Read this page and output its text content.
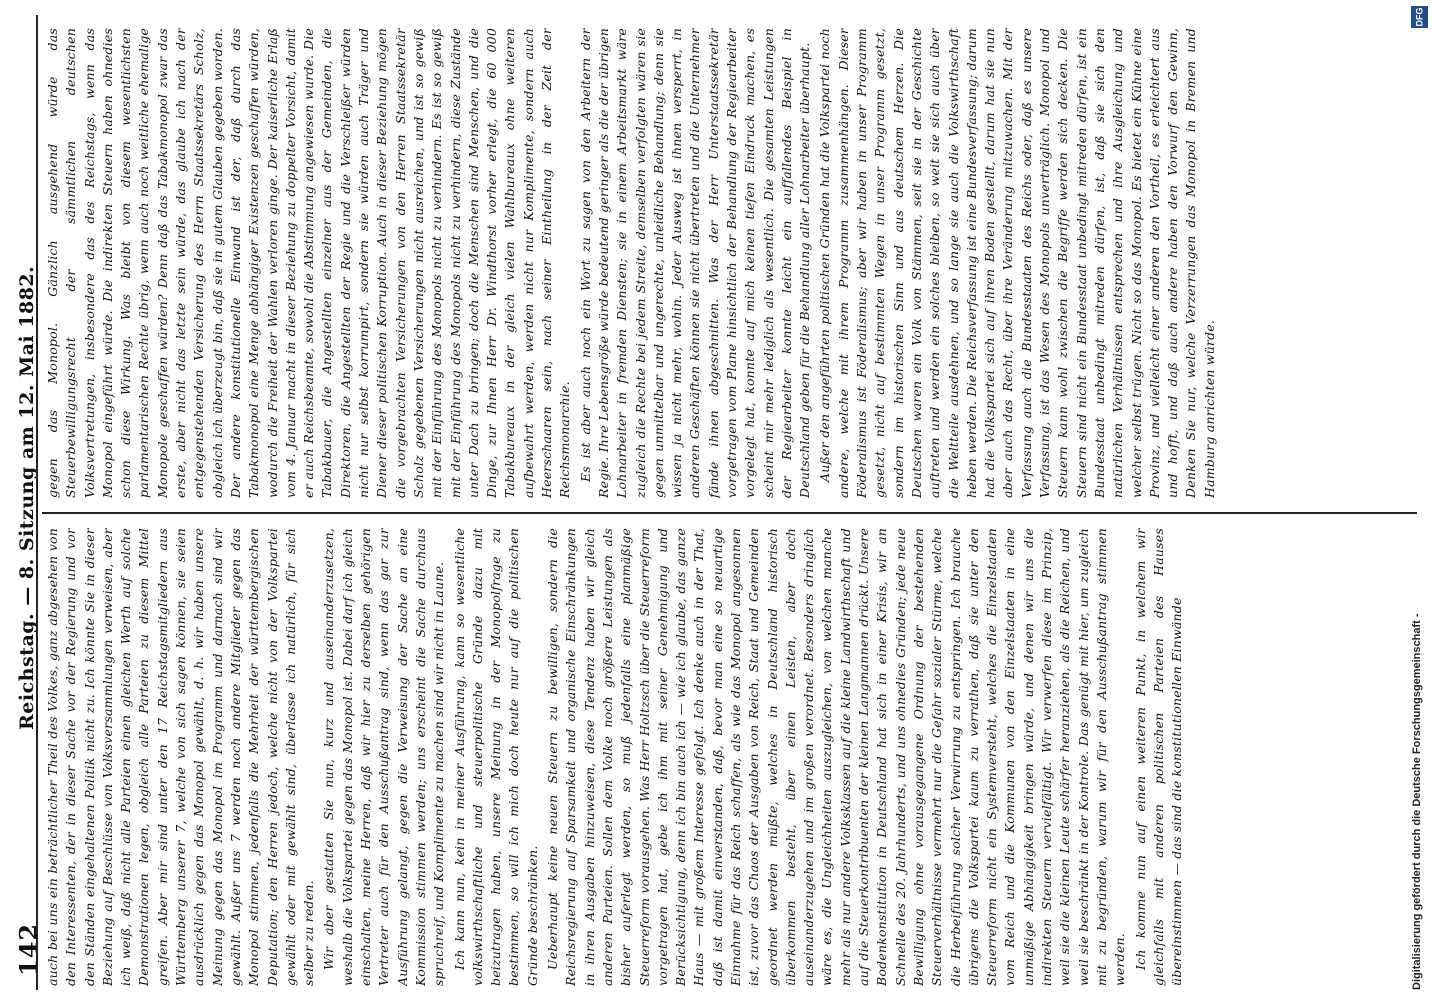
142
Reichstag. — 8. Sitzung am 12. Mai 1882.

auch bei uns ein beträchtlicher Theil des Volkes, ganz abgesehen von den Interessenten, der in dieser Sache vor der Regierung und vor den Ständen eingehaltenen Politik nicht zu. Ich könnte Sie in dieser Beziehung auf Beschlüsse von Volksversammlungen verweisen, aber ich weiß, daß nicht alle Parteien einen gleichen Werth auf solche Demonstrationen legen, obgleich alle Parteien zu diesem Mittel greifen. Aber mir sind unter den 17 Reichstagsmitgliedern aus Württemberg unserer 7, welche von sich sagen können, sie seien ausdrücklich gegen das Monopol gewählt, d. h. wir haben unsere Meinung gegen das Monopol im Programm und darnach sind wir gewählt. Außer uns 7 werden noch andere Mitglieder gegen das Monopol stimmen, jedenfalls die Mehrheit der württembergischen Deputation; den Herren jedoch, welche nicht von der Volkspartei gewählt oder mit gewählt sind, überlasse ich natürlich, für sich selber zu reden. Wir aber gestatten Sie nun, kurz und auseinanderzusetzen, weshalb die Volkspartei gegen das Monopol ist. Dabei darf ich gleich einschalten, meine Herren, daß wir hier zu derselben gehörigen Vertreter auch für den Ausschußantrag sind, wenn das gar zur Ausführung gelangt, gegen die Verweisung der Sache an eine Kommission stimmen werden; uns erscheint die Sache durchaus spruchreif, und Komplimente zu machen sind wir nicht in Laune. Ich kann nun, kein in meiner Ausführung, kann so wesentliche volkswirthschaftliche und steuerpolitische Gründe dazu mit beizutragen haben, unsere Meinung in der Monopolfrage zu bestimmen, so will ich mich doch heute nur auf die politischen Gründe beschränken. Ueberhaupt keine neuen Steuern zu bewilligen, sondern die Reichsregierung auf Sparsamkeit und organische Einschränkungen in ihren Ausgaben hinzuweisen, diese Tendenz haben wir gleich anderen Parteien. Sollen dem Volke noch größere Leistungen als bisher auferlegt werden, so muß jedenfalls eine planmäßige Steuerreform vorausgehen. Was Herr Holtzsch über die Steuerreform vorgetragen hat, gebe ich ihm mit seiner Genehmigung und Berücksichtigung, denn ich bin auch ich — wie ich glaube, das ganze Haus — mit großem Interesse gefolgt. Ich denke auch in der That, daß ist damit einverstanden, daß, bevor man eine so neuartige Einnahme für das Reich schaffen, als wie das Monopol angesonnen ist, zuvor das Chaos der Ausgaben von Reich, Staat und Gemeinden geordnet werden müßte, welches in Deutschland historisch überkommen besteht, über einen Leisten, aber doch auseinanderzugehen und im großen verordnet. Besonders dringlich wäre es, die Ungleichheiten auszugleichen, von welchen manche mehr als nur andere Volksklassen auf die kleine Landwirthschaft und auf die Steuerkontribuenten der kleinen Langmannen drückt. Unsere Bodenkonstitution in Deutschland hat sich in einer Krisis, wir an Schnelle des 20. Jahrhunderts, und uns ohnedies Gründen; jede neue Bewilligung ohne vorausgegangene Ordnung der bestehenden Steuerverhältnisse vermehrt nur die Gefahr sozialer Stürme, welche die Herbeiführung solcher Verwirrung zu entspringen. Ich brauche übrigens die Volkspartei kaum zu verrathen, daß sie unter den Steuerreform nicht ein Systemversteht, welches die Einzelstaaten vom Reich und die Kommunen von den Einzelstaaten in eine unmäßige Abhängigkeit bringen würde, und denen wir uns die indirekten Steuern vervielfältigt. Wir verwerfen diese im Prinzip, weil sie die kleinen Leute schärfer heranziehen, als die Reichen, und weil sie beschränkt in der Kontrole. Das genügt mit hier, um zugleich mit zu begründen, warum wir für den Ausschußantrag stimmen werden. Ich komme nun auf einen weiteren Punkt, in welchem wir gleichfalls mit anderen politischen Parteien des Hauses übereinstimmen — das sind die konstitutionellen Einwände

gegen das Monopol. Gänzlich ausgehend würde das Steuerbewilligungsrecht der sämmtlichen deutschen Volksvertretungen, insbesondere das des Reichstags, wenn das Monopol eingeführt würde. Die indirekten Steuern haben ohnedies schon diese Wirkung. Was bleibt von diesem wesentlichsten parlamentarischen Rechte übrig, wenn auch noch weitliche ehemalige Monopole geschaffen würden? Denn daß das Tabakmonopol zwar das erste, aber nicht das letzte sein würde, das glaube ich nach der entgegenstehenden Versicherung des Herrn Staatssekretärs Scholz, obgleich ich überzeugt bin, daß sie in gutem Glauben gegeben worden. Der andere konstitutionelle Einwand ist der, daß durch das Tabakmonopol eine Menge abhängiger Existenzen geschaffen würden, wodurch die Freiheit der Wahlen verloren ginge. Der kaiserliche Erlaß vom 4. Januar macht in dieser Beziehung zu doppelter Vorsicht, damit er auch Reichsbeamte, sowohl die Abstimmung angewiesen wurde. Die Tabakbauer, die Angestellten einzelner aus der Gemeinden, die Direktoren, die Angestellten der Regie und die Verschleißer würden nicht nur selbst korrumpirt, sondern sie würden auch Träger und Diener dieser politischen Korruption. Auch in dieser Beziehung mögen die vorgebrachten Versicherungen von den Herren Staatssekretär Scholz gegebenen Versicherungen nicht ausreichen, und ist so gewiß mit der Einführung des Monopols nicht zu verhindern. Es ist so gewiß mit der Einführung des Monopols nicht zu verhindern, diese Zustände unter Dach zu bringen; doch die Menschen sind Menschen, und die Dinge, zur Ihnen Herr Dr. Windthorst vorher erlegt, die 60 000 Tabakbureaux in der gleich vielen Wahlbureaux ohne weiteren aufbewahrt werden, werden nicht nur Komplimente, sondern auch Heerschaaren sein, nach seiner Eintheilung in der Zeit der Reichsmonarchie. Es ist aber auch noch ein Wort zu sagen von den Arbeitern der Regie. Ihre Lebensgröße würde bedeutend geringer als die der übrigen Lohnarbeiter in fremden Diensten; sie in einem Arbeitsmarkt wäre zugleich die Rechte bei jedem Streite, demselben verfolgten wären sie gegen unmittelbar und ungerechte, unleidliche Behandlung; denn sie wissen ja nicht mehr, wohin. Jeder Ausweg ist ihnen versperrt, in anderen Geschäften können sie nicht übertreten und die Unternehmer fände ihnen abgeschnitten. Was der Herr Unterstaatssekretär vorgetragen vom Plane hinsichtlich der Behandlung der Regiearbeiter vorgelegt hat, konnte auf mich keinen tiefen Eindruck machen, es scheint mir mehr lediglich als wesentlich. Die gesamten Leistungen der Regiearbeiter konnte leicht ein auffallendes Beispiel in Deutschland geben für die Behandlung aller Lohnarbeiter überhaupt. Außer den angeführten politischen Gründen hat die Volkspartei noch andere, welche mit ihrem Programm zusammenhängen. Dieser Föderalismus ist Föderalismus; aber wir haben in unser Programm gesetzt, nicht auf bestimmten Wegen in unser Programm gesetzt, sondern im historischen Sinn und aus deutschem Herzen. Die Deutschen waren ein Volk von Stämmen, seit sie in der Geschichte auftreten und werden ein solches bleiben, so weit sie sich auch über die Weltteile ausdehnen, und so lange sie auch die Volkswirthschaft heben werden. Die Reichsverfassung ist eine Bundesverfassung; darum hat die Volkspartei sich auf ihren Boden gestellt, darum hat sie nun aber auch das Recht, über ihre Veränderung mitzuwachen. Mit der Verfassung auch die Bundesstaaten des Reichs oder, daß es unsere Verfassung, ist das Wesen des Monopols unverträglich. Monopol und Steuern kann wohl zwischen die Begriffe werden sich decken. Die Steuern sind nicht ein Bundesstaat unbedingt mitreden dürfen, ist ein Bundesstaat unbedingt mitreden dürfen, ist, daß sie sich den natürlichen Verhältnissen entsprechen und ihre Ausgleichung und welcher selbst trügen. Nicht so das Monopol. Es bietet ein Kühne eine Provinz, und vielleicht einer anderen den Vortheil, es erleichtert aus und hofft, und daß auch andere haben den Vorwurf den Gewinn, Denken Sie nur, welche Verzerrungen das Monopol in Bremen und Hamburg anrichten würde.

Digitalisierung gefördert durch die Deutsche Forschungsgemeinschaft -
DFG
